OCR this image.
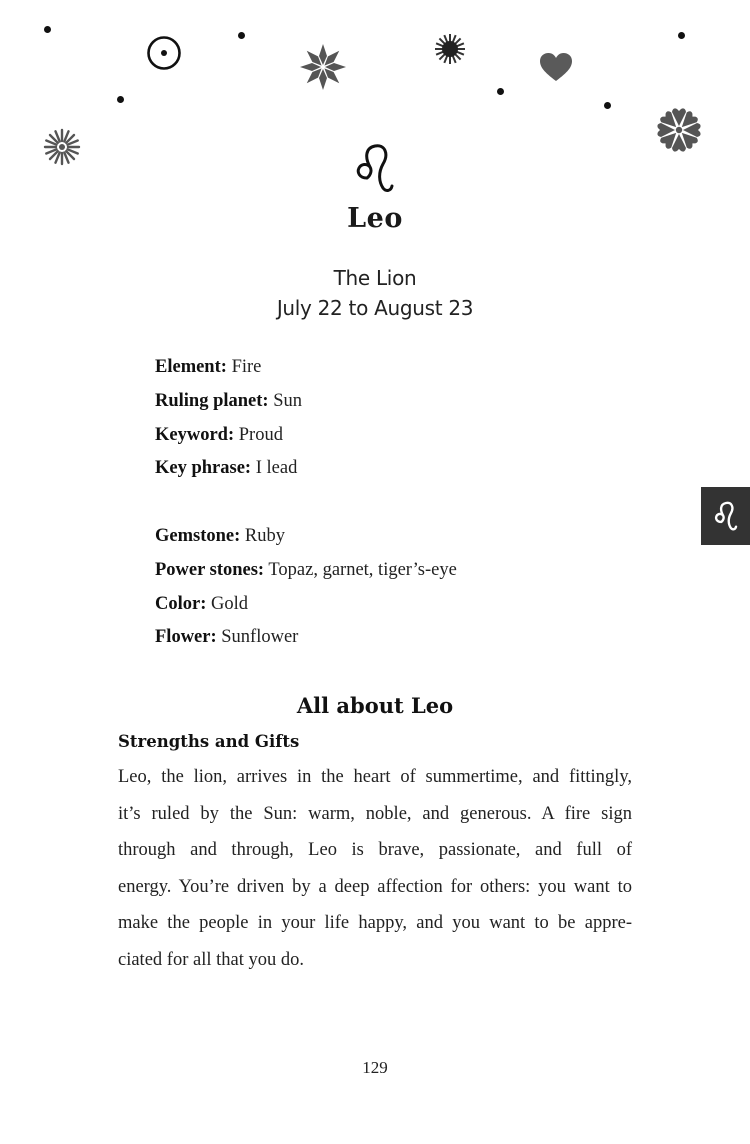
Leo
The Lion
July 22 to August 23
Element: Fire
Ruling planet: Sun
Keyword: Proud
Key phrase: I lead
Gemstone: Ruby
Power stones: Topaz, garnet, tiger’s-eye
Color: Gold
Flower: Sunflower
All about Leo
Strengths and Gifts
Leo, the lion, arrives in the heart of summertime, and fittingly,
it’s ruled by the Sun: warm, noble, and generous. A fire sign
through and through, Leo is brave, passionate, and full of
energy. You’re driven by a deep affection for others: you want to
make the people in your life happy, and you want to be appre-
ciated for all that you do.
129
